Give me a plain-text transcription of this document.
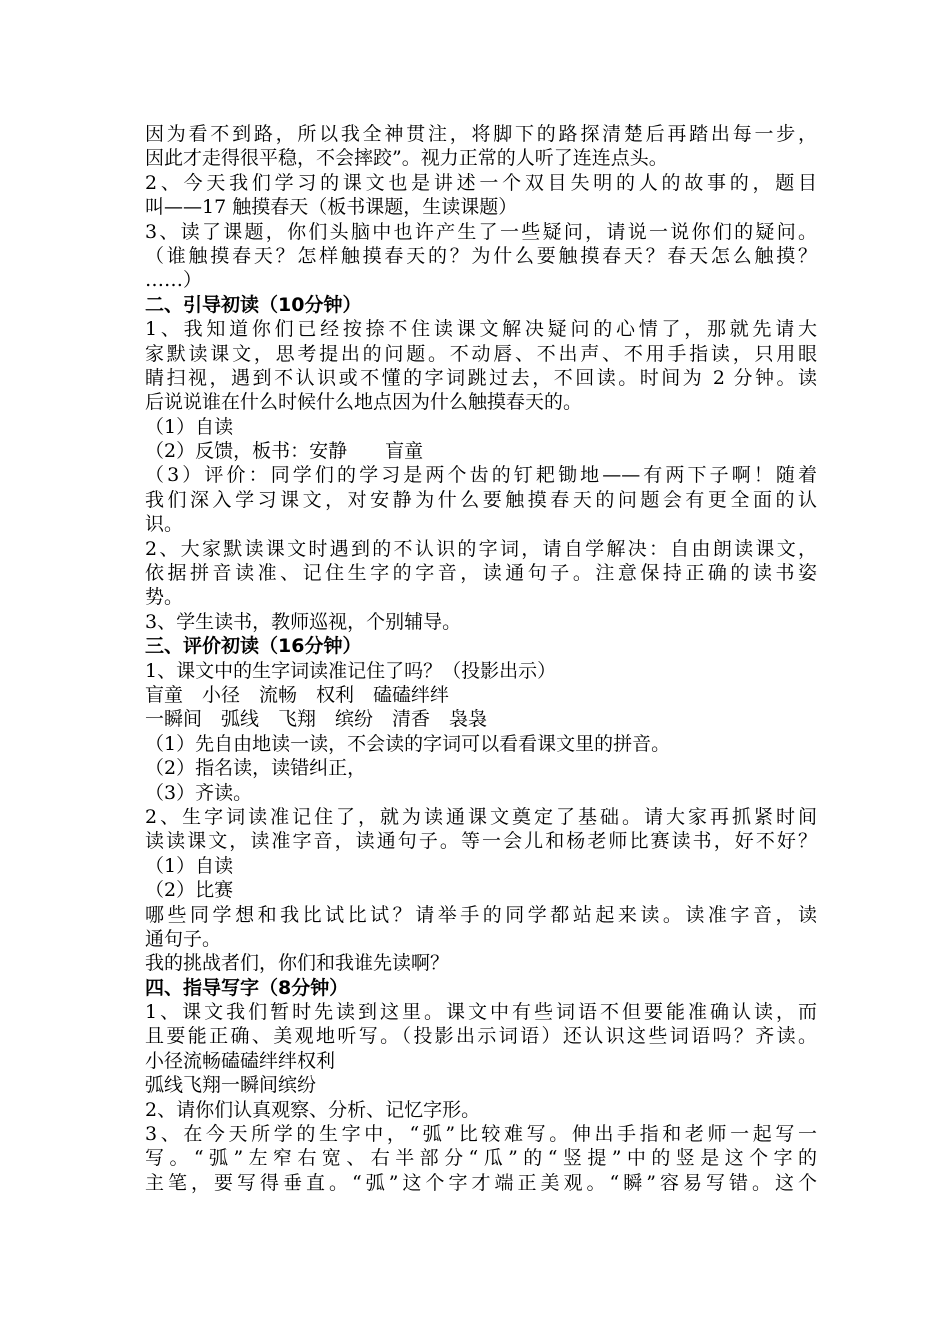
因为看不到路，所以我全神贯注，将脚下的路探清楚后再踏出每一步，
因此才走得很平稳，不会摔跤”。视力正常的人听了连连点头。
2、今天我们学习的课文也是讲述一个双目失明的人的故事的，题目
叫——17 触摸春天（板书课题，生读课题）
3、读了课题，你们头脑中也许产生了一些疑问，请说一说你们的疑问。
（谁触摸春天？怎样触摸春天的？为什么要触摸春天？春天怎么触摸？
……）
二、引导初读（10分钟）
1、我知道你们已经按捺不住读课文解决疑问的心情了，那就先请大
家默读课文，思考提出的问题。不动唇、不出声、不用手指读，只用眼
睛扫视，遇到不认识或不懂的字词跳过去，不回读。时间为 2 分钟。读
后说说谁在什么时候什么地点因为什么触摸春天的。
（1）自读
（2）反馈，板书：安静　　盲童
（3）评价：同学们的学习是两个齿的钉耙锄地——有两下子啊！随着
我们深入学习课文，对安静为什么要触摸春天的问题会有更全面的认
识。
2、大家默读课文时遇到的不认识的字词，请自学解决：自由朗读课文，
依据拼音读准、记住生字的字音，读通句子。注意保持正确的读书姿
势。
3、学生读书，教师巡视，个别辅导。
三、评价初读（16分钟）
1、课文中的生字词读准记住了吗？（投影出示）
盲童　小径　流畅　权利　磕磕绊绊
一瞬间　弧线　飞翔　缤纷　清香　袅袅
（1）先自由地读一读，不会读的字词可以看看课文里的拼音。
（2）指名读，读错纠正，
（3）齐读。
2、生字词读准记住了，就为读通课文奠定了基础。请大家再抓紧时间
读读课文，读准字音，读通句子。等一会儿和杨老师比赛读书，好不好？
（1）自读
（2）比赛
哪些同学想和我比试比试？请举手的同学都站起来读。读准字音，读
通句子。
我的挑战者们，你们和我谁先读啊？
四、指导写字（8分钟）
1、课文我们暂时先读到这里。课文中有些词语不但要能准确认读，而
且要能正确、美观地听写。（投影出示词语）还认识这些词语吗？齐读。
小径流畅磕磕绊绊权利
弧线飞翔一瞬间缤纷
2、请你们认真观察、分析、记忆字形。
3、在今天所学的生字中，“弧”比较难写。伸出手指和老师一起写一
写。“弧”左窄右宽、右半部分“瓜”的“竖提”中的竖是这个字的
主笔，要写得垂直。“弧”这个字才端正美观。“瞬”容易写错。这个
